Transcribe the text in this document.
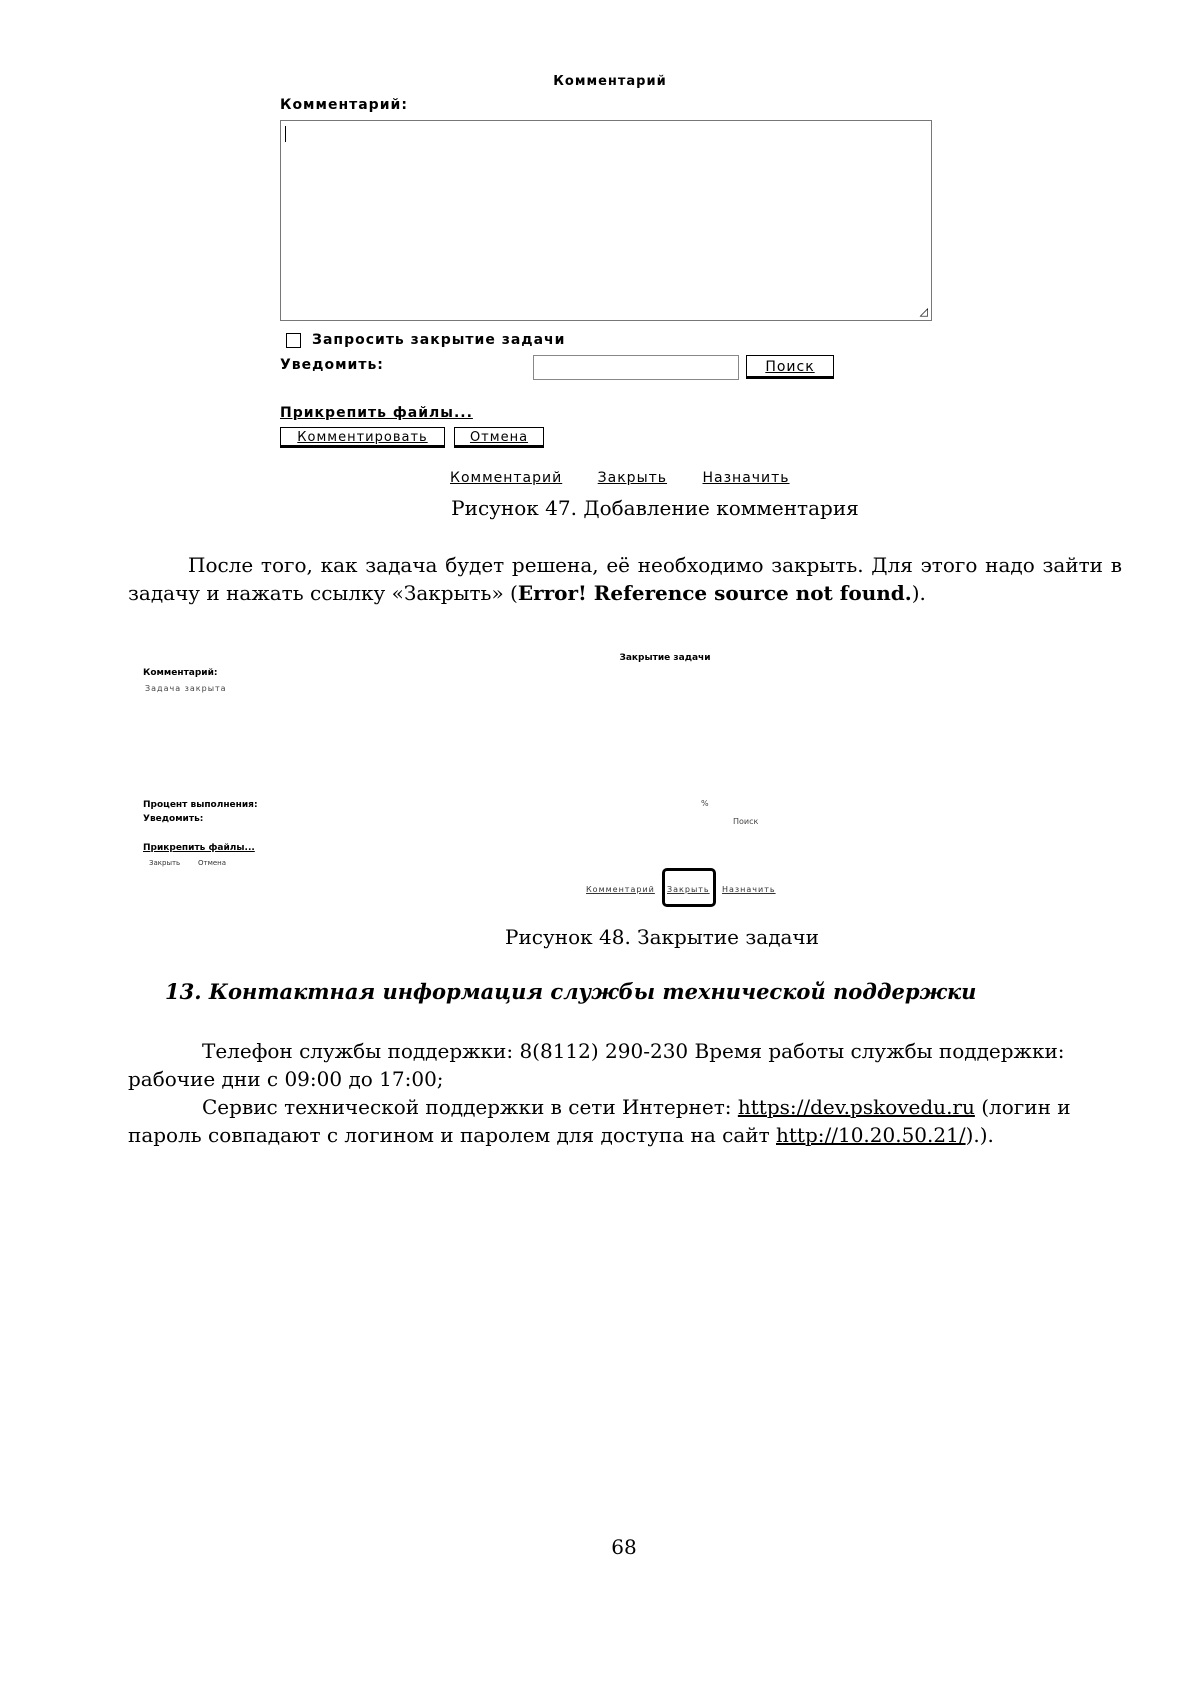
Комментарий
Комментарий:
◿
Запросить закрытие задачи
Уведомить:	Поиск
Прикрепить файлы...
Комментировать	Отмена
Комментарий	Закрыть	Назначить
Рисунок 47. Добавление комментария
После того, как задача будет решена, её необходимо закрыть. Для этого надо зайти в задачу и нажать ссылку «Закрыть» (Error! Reference source not found.).
Закрытие задачи
Комментарий:
Задача закрыта
Процент выполнения:	%
Уведомить:	Поиск
Прикрепить файлы...
Закрыть	Отмена
Комментарий Закрыть Назначить
Рисунок 48. Закрытие задачи
13. Контактная информация службы технической поддержки
Телефон службы поддержки: 8(8112) 290-230 Время работы службы поддержки: рабочие дни с 09:00 до 17:00;
Сервис технической поддержки в сети Интернет: https://dev.pskovedu.ru (логин и пароль совпадают с логином и паролем для доступа на сайт http://10.20.50.21/).).
68
